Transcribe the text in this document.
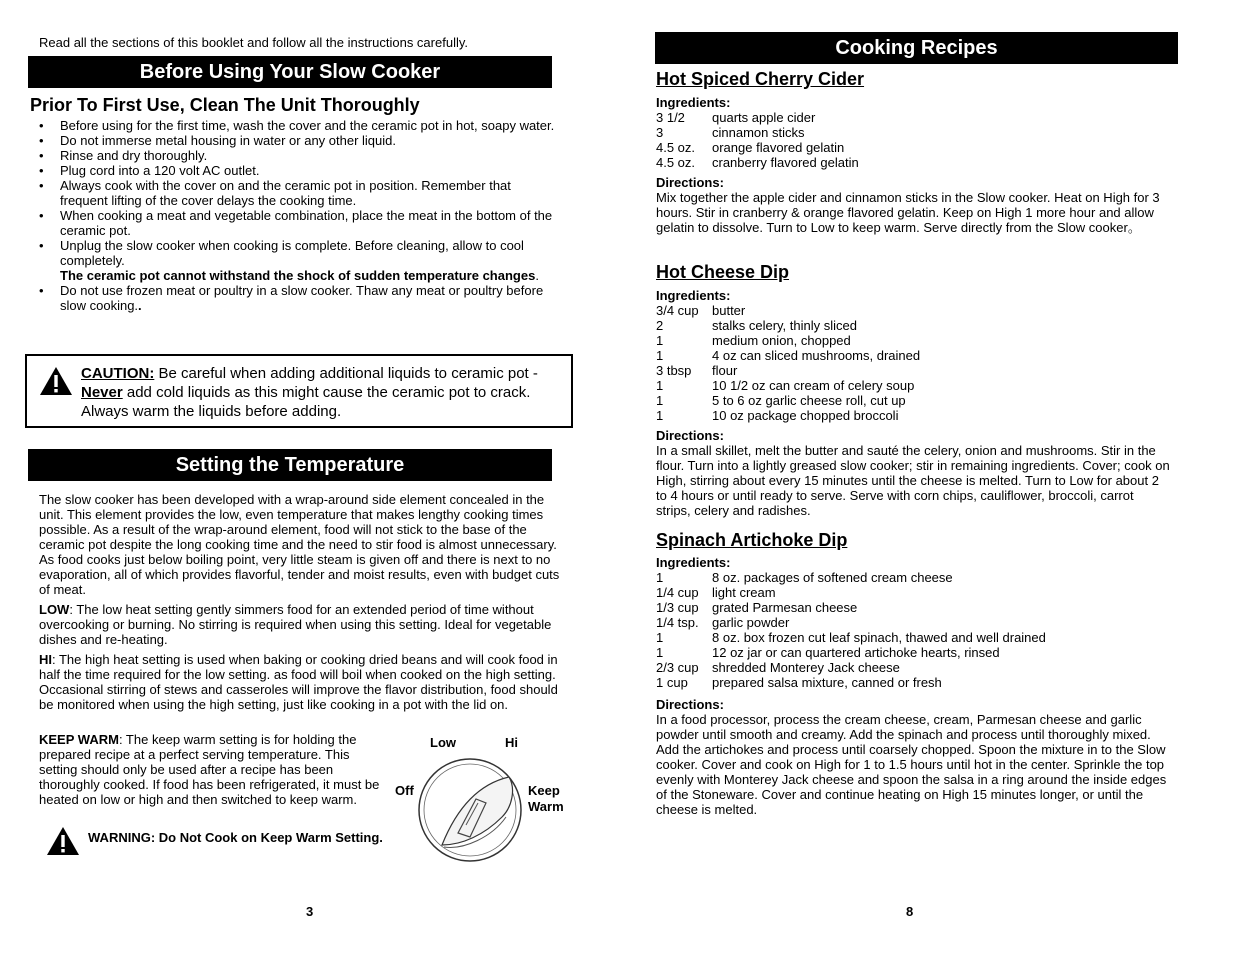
Read all the sections of this booklet and follow all the instructions carefully.
Before Using Your Slow Cooker
Prior To First Use, Clean The Unit Thoroughly
• Before using for the first time, wash the cover and the ceramic pot in hot, soapy water.
• Do not immerse metal housing in water or any other liquid.
• Rinse and dry thoroughly.
• Plug cord into a 120 volt AC outlet.
• Always cook with the cover on and the ceramic pot in position. Remember that frequent lifting of the cover delays the cooking time.
• When cooking a meat and vegetable combination, place the meat in the bottom of the ceramic pot.
• Unplug the slow cooker when cooking is complete. Before cleaning, allow to cool completely.
The ceramic pot cannot withstand the shock of sudden temperature changes.
• Do not use frozen meat or poultry in a slow cooker. Thaw any meat or poultry before slow cooking..
CAUTION: Be careful when adding additional liquids to ceramic pot - Never add cold liquids as this might cause the ceramic pot to crack. Always warm the liquids before adding.
Setting the Temperature
The slow cooker has been developed with a wrap-around side element concealed in the unit. This element provides the low, even temperature that makes lengthy cooking times possible. As a result of the wrap-around element, food will not stick to the base of the ceramic pot despite the long cooking time and the need to stir food is almost unnecessary. As food cooks just below boiling point, very little steam is given off and there is next to no evaporation, all of which provides flavorful, tender and moist results, even with budget cuts of meat.
LOW: The low heat setting gently simmers food for an extended period of time without overcooking or burning. No stirring is required when using this setting. Ideal for vegetable dishes and re-heating.
HI: The high heat setting is used when baking or cooking dried beans and will cook food in half the time required for the low setting. as food will boil when cooked on the high setting. Occasional stirring of stews and casseroles will improve the flavor distribution, food should be monitored when using the high setting, just like cooking in a pot with the lid on.
KEEP WARM: The keep warm setting is for holding the prepared recipe at a perfect serving temperature. This setting should only be used after a recipe has been thoroughly cooked. If food has been refrigerated, it must be heated on low or high and then switched to keep warm.
WARNING: Do Not Cook on Keep Warm Setting.
Low	Hi
Off	Keep
Warm
3
Cooking Recipes
Hot Spiced Cherry Cider
Ingredients:
3 1/2	quarts apple cider
3	cinnamon sticks
4.5 oz.	orange flavored gelatin
4.5 oz.	cranberry flavored gelatin
Directions:
Mix together the apple cider and cinnamon sticks in the Slow cooker. Heat on High for 3 hours. Stir in cranberry & orange flavored gelatin. Keep on High 1 more hour and allow gelatin to dissolve. Turn to Low to keep warm. Serve directly from the Slow cooker。
Hot Cheese Dip
Ingredients:
3/4 cup	butter
2	stalks celery, thinly sliced
1	medium onion, chopped
1	4 oz can sliced mushrooms, drained
3 tbsp	flour
1	10 1/2 oz can cream of celery soup
1	5 to 6 oz garlic cheese roll, cut up
1	10 oz package chopped broccoli
Directions:
In a small skillet, melt the butter and sauté the celery, onion and mushrooms. Stir in the flour. Turn into a lightly greased slow cooker; stir in remaining ingredients. Cover; cook on High, stirring about every 15 minutes until the cheese is melted. Turn to Low for about 2 to 4 hours or until ready to serve. Serve with corn chips, cauliflower, broccoli, carrot strips, celery and radishes.
Spinach Artichoke Dip
Ingredients:
1	8 oz. packages of softened cream cheese
1/4 cup	light cream
1/3 cup	grated Parmesan cheese
1/4 tsp.	garlic powder
1	8 oz. box frozen cut leaf spinach, thawed and well drained
1	12 oz jar or can quartered artichoke hearts, rinsed
2/3 cup	shredded Monterey Jack cheese
1 cup	prepared salsa mixture, canned or fresh
Directions:
In a food processor, process the cream cheese, cream, Parmesan cheese and garlic powder until smooth and creamy. Add the spinach and process until thoroughly mixed. Add the artichokes and process until coarsely chopped. Spoon the mixture in to the Slow cooker. Cover and cook on High for 1 to 1.5 hours until hot in the center. Sprinkle the top evenly with Monterey Jack cheese and spoon the salsa in a ring around the inside edges of the Stoneware. Cover and continue heating on High 15 minutes longer, or until the cheese is melted.
8
